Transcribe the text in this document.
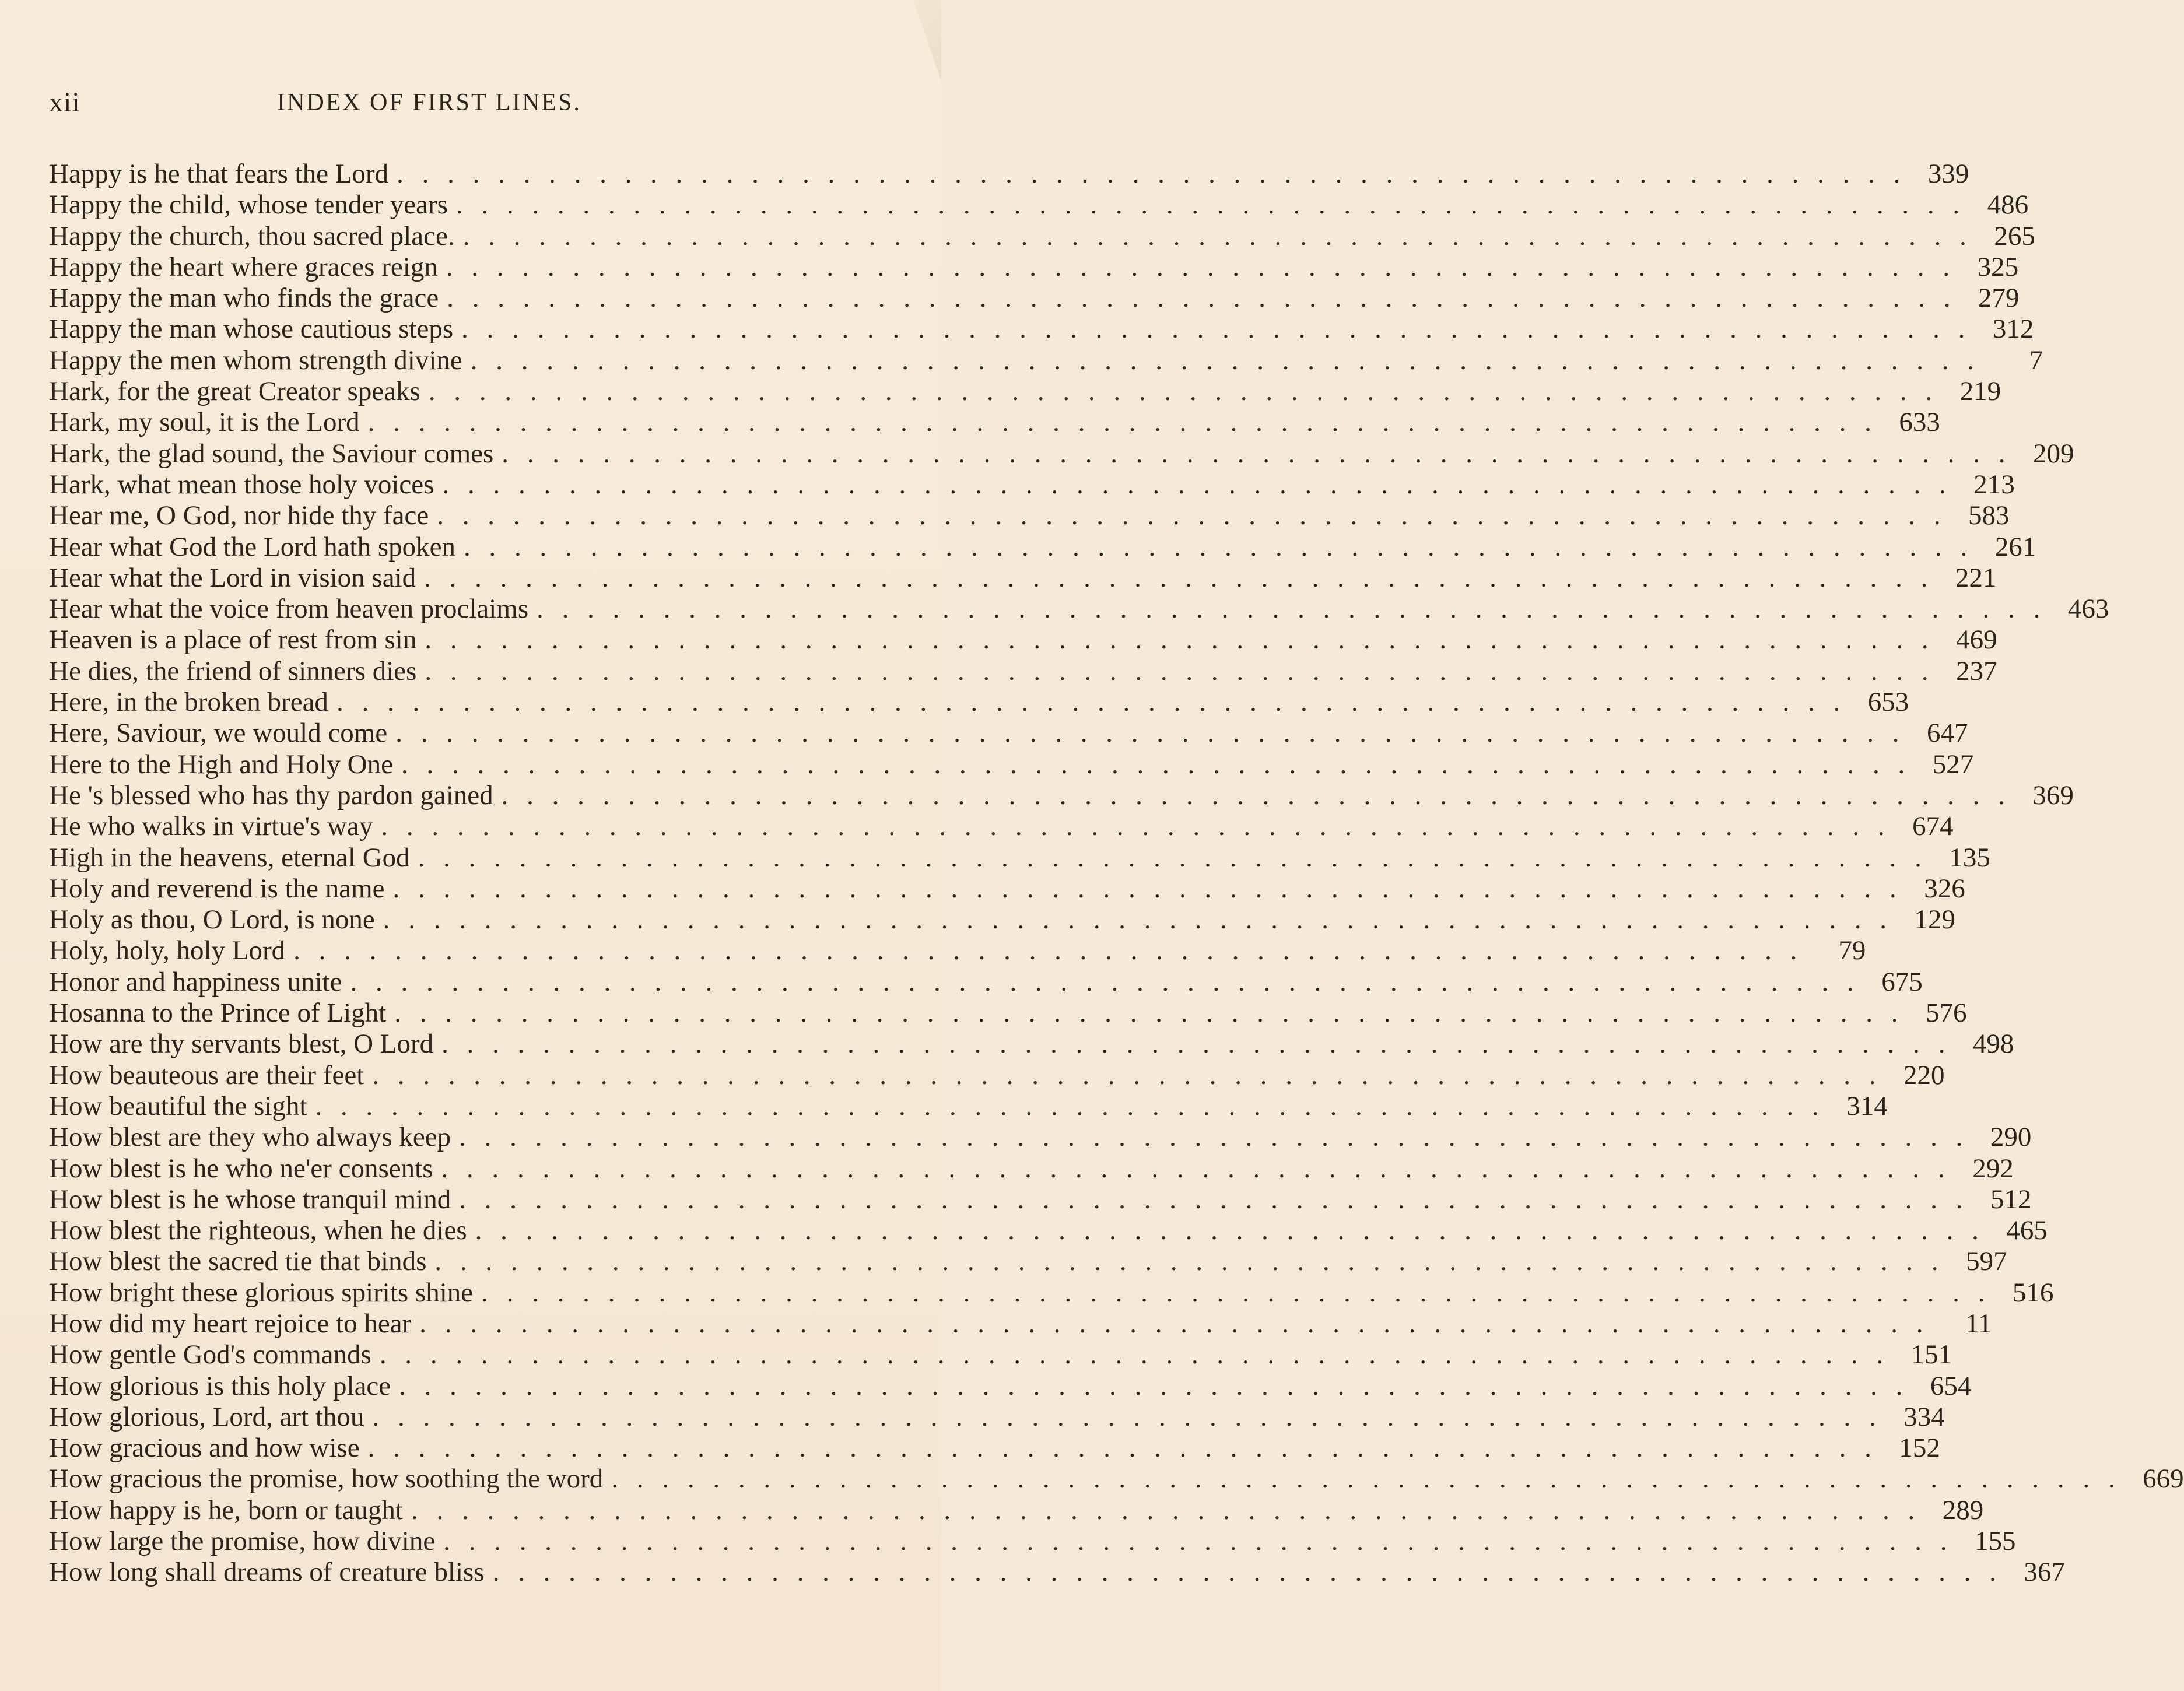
xii	INDEX OF FIRST LINES.
Happy is he that fears the Lord . . . . . . . . . . . . . . . . . . . . . . . . . . . . . . . . . . . . . . . . . . . . . . . . . . . . . . . . . . . . 339
Happy the child, whose tender years . . . . . . . . . . . . . . . . . . . . . . . . . . . . . . . . . . . . . . . . . . . . . . . . . . . . . . . . . . . . 486
Happy the church, thou sacred place. . . . . . . . . . . . . . . . . . . . . . . . . . . . . . . . . . . . . . . . . . . . . . . . . . . . . . . . . . . . . 265
Happy the heart where graces reign . . . . . . . . . . . . . . . . . . . . . . . . . . . . . . . . . . . . . . . . . . . . . . . . . . . . . . . . . . . . 325
Happy the man who finds the grace . . . . . . . . . . . . . . . . . . . . . . . . . . . . . . . . . . . . . . . . . . . . . . . . . . . . . . . . . . . . 279
Happy the man whose cautious steps . . . . . . . . . . . . . . . . . . . . . . . . . . . . . . . . . . . . . . . . . . . . . . . . . . . . . . . . . . . . 312
Happy the men whom strength divine . . . . . . . . . . . . . . . . . . . . . . . . . . . . . . . . . . . . . . . . . . . . . . . . . . . . . . . . . . . .	7
Hark, for the great Creator speaks . . . . . . . . . . . . . . . . . . . . . . . . . . . . . . . . . . . . . . . . . . . . . . . . . . . . . . . . . . . . 219
Hark, my soul, it is the Lord . . . . . . . . . . . . . . . . . . . . . . . . . . . . . . . . . . . . . . . . . . . . . . . . . . . . . . . . . . . . 633
Hark, the glad sound, the Saviour comes . . . . . . . . . . . . . . . . . . . . . . . . . . . . . . . . . . . . . . . . . . . . . . . . . . . . . . . . . . . . 209
Hark, what mean those holy voices . . . . . . . . . . . . . . . . . . . . . . . . . . . . . . . . . . . . . . . . . . . . . . . . . . . . . . . . . . . . 213
Hear me, O God, nor hide thy face . . . . . . . . . . . . . . . . . . . . . . . . . . . . . . . . . . . . . . . . . . . . . . . . . . . . . . . . . . . . 583
Hear what God the Lord hath spoken . . . . . . . . . . . . . . . . . . . . . . . . . . . . . . . . . . . . . . . . . . . . . . . . . . . . . . . . . . . . 261
Hear what the Lord in vision said . . . . . . . . . . . . . . . . . . . . . . . . . . . . . . . . . . . . . . . . . . . . . . . . . . . . . . . . . . . . 221
Hear what the voice from heaven proclaims . . . . . . . . . . . . . . . . . . . . . . . . . . . . . . . . . . . . . . . . . . . . . . . . . . . . . . . . . . . . 463
Heaven is a place of rest from sin . . . . . . . . . . . . . . . . . . . . . . . . . . . . . . . . . . . . . . . . . . . . . . . . . . . . . . . . . . . . 469
He dies, the friend of sinners dies . . . . . . . . . . . . . . . . . . . . . . . . . . . . . . . . . . . . . . . . . . . . . . . . . . . . . . . . . . . . 237
Here, in the broken bread . . . . . . . . . . . . . . . . . . . . . . . . . . . . . . . . . . . . . . . . . . . . . . . . . . . . . . . . . . . . 653
Here, Saviour, we would come . . . . . . . . . . . . . . . . . . . . . . . . . . . . . . . . . . . . . . . . . . . . . . . . . . . . . . . . . . . . 647
Here to the High and Holy One . . . . . . . . . . . . . . . . . . . . . . . . . . . . . . . . . . . . . . . . . . . . . . . . . . . . . . . . . . . . 527
He 's blessed who has thy pardon gained . . . . . . . . . . . . . . . . . . . . . . . . . . . . . . . . . . . . . . . . . . . . . . . . . . . . . . . . . . . . 369
He who walks in virtue's way . . . . . . . . . . . . . . . . . . . . . . . . . . . . . . . . . . . . . . . . . . . . . . . . . . . . . . . . . . . . 674
High in the heavens, eternal God . . . . . . . . . . . . . . . . . . . . . . . . . . . . . . . . . . . . . . . . . . . . . . . . . . . . . . . . . . . . 135
Holy and reverend is the name . . . . . . . . . . . . . . . . . . . . . . . . . . . . . . . . . . . . . . . . . . . . . . . . . . . . . . . . . . . . 326
Holy as thou, O Lord, is none . . . . . . . . . . . . . . . . . . . . . . . . . . . . . . . . . . . . . . . . . . . . . . . . . . . . . . . . . . . . 129
Holy, holy, holy Lord . . . . . . . . . . . . . . . . . . . . . . . . . . . . . . . . . . . . . . . . . . . . . . . . . . . . . . . . . . . .	79
Honor and happiness unite . . . . . . . . . . . . . . . . . . . . . . . . . . . . . . . . . . . . . . . . . . . . . . . . . . . . . . . . . . . . 675
Hosanna to the Prince of Light . . . . . . . . . . . . . . . . . . . . . . . . . . . . . . . . . . . . . . . . . . . . . . . . . . . . . . . . . . . . 576
How are thy servants blest, O Lord . . . . . . . . . . . . . . . . . . . . . . . . . . . . . . . . . . . . . . . . . . . . . . . . . . . . . . . . . . . . 498
How beauteous are their feet . . . . . . . . . . . . . . . . . . . . . . . . . . . . . . . . . . . . . . . . . . . . . . . . . . . . . . . . . . . . 220
How beautiful the sight . . . . . . . . . . . . . . . . . . . . . . . . . . . . . . . . . . . . . . . . . . . . . . . . . . . . . . . . . . . . 314
How blest are they who always keep . . . . . . . . . . . . . . . . . . . . . . . . . . . . . . . . . . . . . . . . . . . . . . . . . . . . . . . . . . . . 290
How blest is he who ne'er consents . . . . . . . . . . . . . . . . . . . . . . . . . . . . . . . . . . . . . . . . . . . . . . . . . . . . . . . . . . . . 292
How blest is he whose tranquil mind . . . . . . . . . . . . . . . . . . . . . . . . . . . . . . . . . . . . . . . . . . . . . . . . . . . . . . . . . . . . 512
How blest the righteous, when he dies . . . . . . . . . . . . . . . . . . . . . . . . . . . . . . . . . . . . . . . . . . . . . . . . . . . . . . . . . . . . 465
How blest the sacred tie that binds . . . . . . . . . . . . . . . . . . . . . . . . . . . . . . . . . . . . . . . . . . . . . . . . . . . . . . . . . . . . 597
How bright these glorious spirits shine . . . . . . . . . . . . . . . . . . . . . . . . . . . . . . . . . . . . . . . . . . . . . . . . . . . . . . . . . . . . 516
How did my heart rejoice to hear . . . . . . . . . . . . . . . . . . . . . . . . . . . . . . . . . . . . . . . . . . . . . . . . . . . . . . . . . . . .	11
How gentle God's commands . . . . . . . . . . . . . . . . . . . . . . . . . . . . . . . . . . . . . . . . . . . . . . . . . . . . . . . . . . . . 151
How glorious is this holy place . . . . . . . . . . . . . . . . . . . . . . . . . . . . . . . . . . . . . . . . . . . . . . . . . . . . . . . . . . . . 654
How glorious, Lord, art thou . . . . . . . . . . . . . . . . . . . . . . . . . . . . . . . . . . . . . . . . . . . . . . . . . . . . . . . . . . . . 334
How gracious and how wise . . . . . . . . . . . . . . . . . . . . . . . . . . . . . . . . . . . . . . . . . . . . . . . . . . . . . . . . . . . . 152
How gracious the promise, how soothing the word . . . . . . . . . . . . . . . . . . . . . . . . . . . . . . . . . . . . . . . . . . . . . . . . . . . . . . . . . . . . 669
How happy is he, born or taught . . . . . . . . . . . . . . . . . . . . . . . . . . . . . . . . . . . . . . . . . . . . . . . . . . . . . . . . . . . . 289
How large the promise, how divine . . . . . . . . . . . . . . . . . . . . . . . . . . . . . . . . . . . . . . . . . . . . . . . . . . . . . . . . . . . . 155
How long shall dreams of creature bliss . . . . . . . . . . . . . . . . . . . . . . . . . . . . . . . . . . . . . . . . . . . . . . . . . . . . . . . . . . . . 367
